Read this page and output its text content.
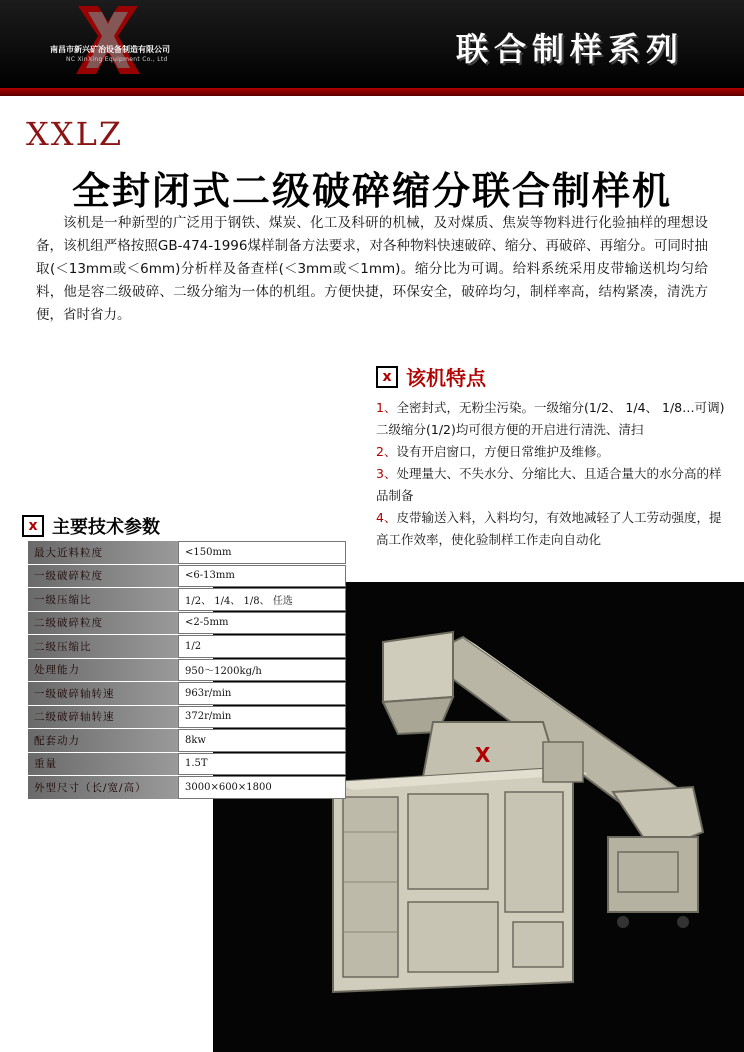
南昌市新兴矿冶设备制造有限公司
NC XinXing Equipment Co., Ltd	联合制样系列
XXLZ
全封闭式二级破碎缩分联合制样机
该机是一种新型的广泛用于钢铁、煤炭、化工及科研的机械，及对煤质、焦炭等物料进行化验抽样的理想设备，该机组严格按照GB-474-1996煤样制备方法要求，对各种物料快速破碎、缩分、再破碎、再缩分。可同时抽取(＜13mm或＜6mm)分析样及备查样(＜3mm或＜1mm)。缩分比为可调。给料系统采用皮带输送机均匀给料，他是容二级破碎、二级分缩为一体的机组。方便快捷，环保安全，破碎均匀，制样率高，结构紧凑，清洗方便，省时省力。
x 该机特点
1、全密封式，无粉尘污染。一级缩分(1/2、 1/4、 1/8…可调)二级缩分(1/2)均可很方便的开启进行清洗、清扫
2、设有开启窗口，方便日常维护及维修。
3、处理量大、不失水分、分缩比大、且适合量大的水分高的样品制备
4、皮带输送入料，入料均匀，有效地减轻了人工劳动强度，提高工作效率，使化验制样工作走向自动化
X
x 主要技术参数
最大近料粒度	<150mm
一级破碎粒度	<6-13mm
一级压缩比	1/2、 1/4、 1/8、 任选
二级破碎粒度	<2-5mm
二级压缩比	1/2
处理能力	950～1200kg/h
一级破碎轴转速	963r/min
二级破碎轴转速	372r/min
配套动力	8kw
重量	1.5T
外型尺寸（长/宽/高）	3000×600×1800
